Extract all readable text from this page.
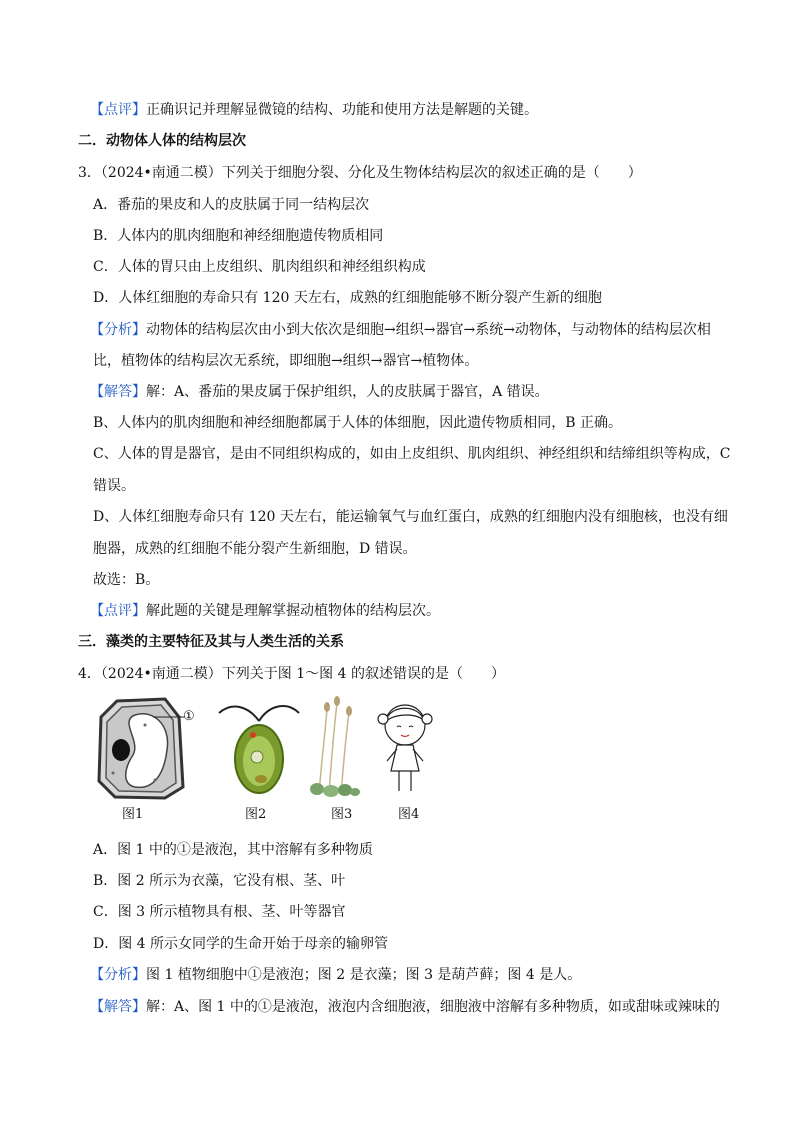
【点评】正确识记并理解显微镜的结构、功能和使用方法是解题的关键。
二．动物体人体的结构层次
3．（2024•南通二模）下列关于细胞分裂、分化及生物体结构层次的叙述正确的是（　　）
A．番茄的果皮和人的皮肤属于同一结构层次
B．人体内的肌肉细胞和神经细胞遗传物质相同
C．人体的胃只由上皮组织、肌肉组织和神经组织构成
D．人体红细胞的寿命只有 120 天左右，成熟的红细胞能够不断分裂产生新的细胞
【分析】动物体的结构层次由小到大依次是细胞→组织→器官→系统→动物体，与动物体的结构层次相
比，植物体的结构层次无系统，即细胞→组织→器官→植物体。
【解答】解：A、番茄的果皮属于保护组织，人的皮肤属于器官，A 错误。
B、人体内的肌肉细胞和神经细胞都属于人体的体细胞，因此遗传物质相同，B 正确。
C、人体的胃是器官，是由不同组织构成的，如由上皮组织、肌肉组织、神经组织和结缔组织等构成，C
错误。
D、人体红细胞寿命只有 120 天左右，能运输氧气与血红蛋白，成熟的红细胞内没有细胞核，也没有细
胞器，成熟的红细胞不能分裂产生新细胞，D 错误。
故选：B。
【点评】解此题的关键是理解掌握动植物体的结构层次。
三．藻类的主要特征及其与人类生活的关系
4．（2024•南通二模）下列关于图 1～图 4 的叙述错误的是（　　）
A．图 1 中的①是液泡，其中溶解有多种物质
B．图 2 所示为衣藻，它没有根、茎、叶
C．图 3 所示植物具有根、茎、叶等器官
D．图 4 所示女同学的生命开始于母亲的输卵管
【分析】图 1 植物细胞中①是液泡；图 2 是衣藻；图 3 是葫芦藓；图 4 是人。
【解答】解：A、图 1 中的①是液泡，液泡内含细胞液，细胞液中溶解有多种物质，如或甜味或辣味的
①
图1	图2	图3	图4
